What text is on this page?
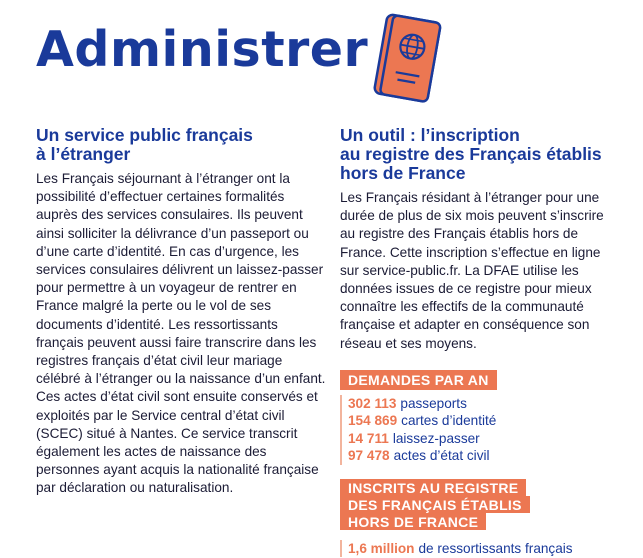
Administrer
Un service public français
à l’étranger

Les Français séjournant à l’étranger ont la possibilité d’effectuer certaines formalités auprès des services consulaires. Ils peuvent ainsi solliciter la délivrance d’un passeport ou d’une carte d’identité. En cas d’urgence, les services consulaires délivrent un laissez-passer pour permettre à un voyageur de rentrer en France malgré la perte ou le vol de ses documents d’identité. Les ressortissants français peuvent aussi faire transcrire dans les registres français d’état civil leur mariage célébré à l’étranger ou la naissance d’un enfant. Ces actes d’état civil sont ensuite conservés et exploités par le Service central d’état civil (SCEC) situé à Nantes. Ce service transcrit également les actes de naissance des personnes ayant acquis la nationalité française par déclaration ou naturalisation.

Un outil : l’inscription
au registre des Français établis
hors de France

Les Français résidant à l’étranger pour une durée de plus de six mois peuvent s’inscrire au registre des Français établis hors de France. Cette inscription s’effectue en ligne sur service-public.fr. La DFAE utilise les données issues de ce registre pour mieux connaître les effectifs de la communauté française et adapter en conséquence son réseau et ses moyens.

DEMANDES PAR AN
302 113 passeports
154 869 cartes d’identité
14 711 laissez-passer
97 478 actes d’état civil
INSCRITS AU REGISTRE
DES FRANÇAIS ÉTABLIS
HORS DE FRANCE
1,6 million de ressortissants français
